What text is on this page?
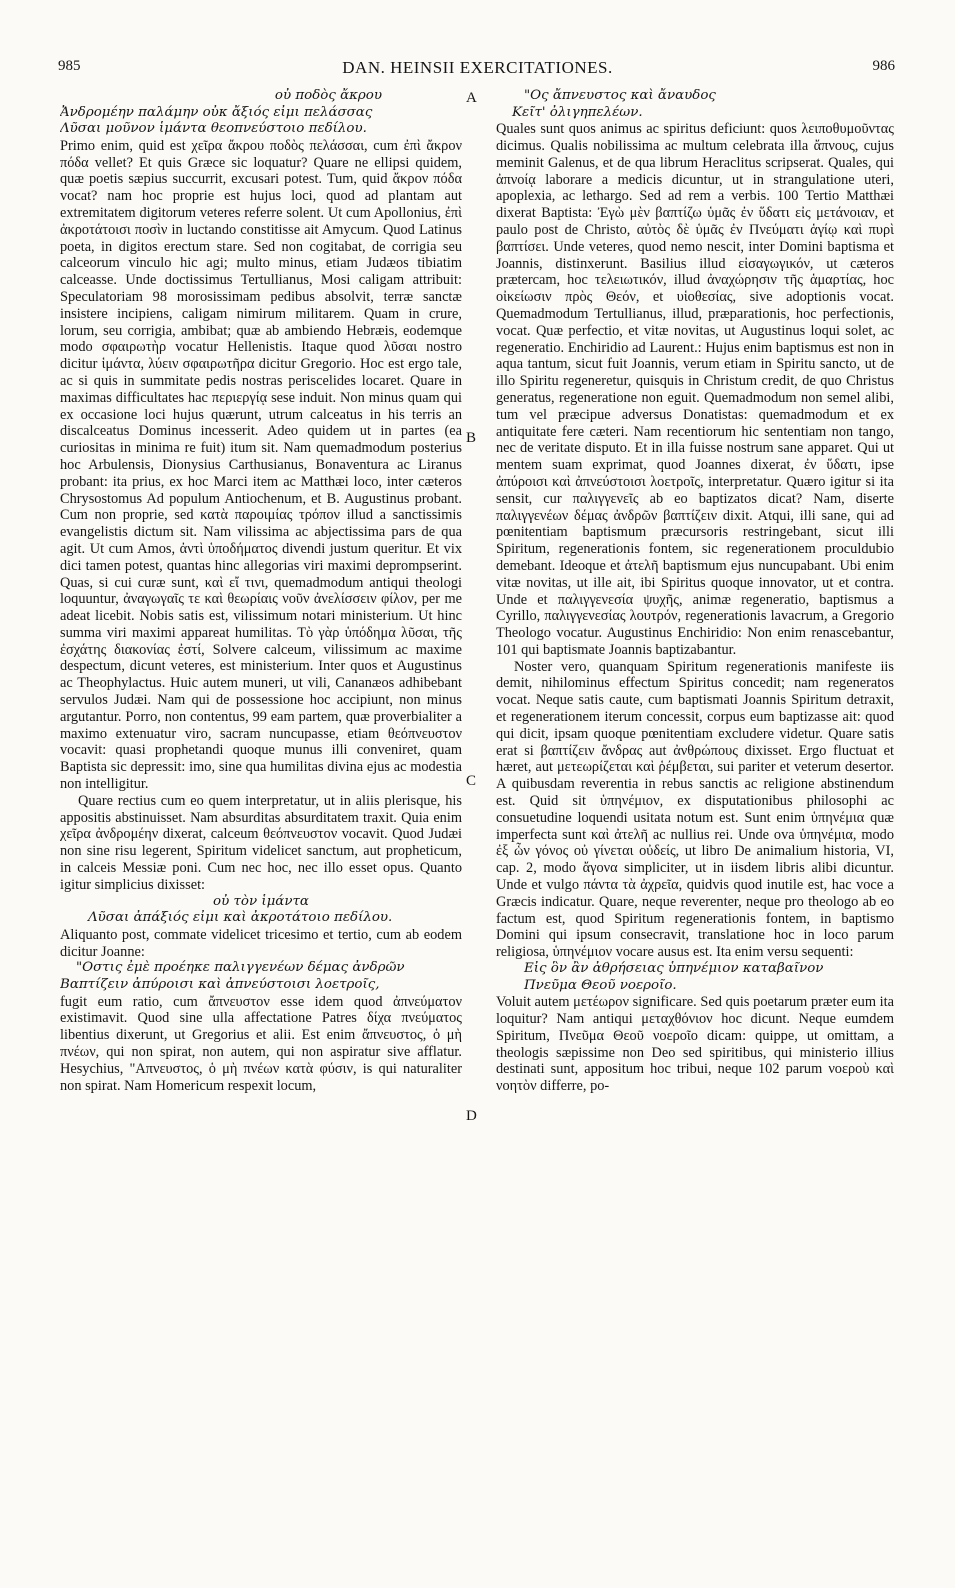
985	DAN. HEINSII EXERCITATIONES.	986
A
B
C
D

οὐ ποδὸς ἄκρου

Ἀνδρομέην παλάμην οὐκ ἄξιός εἰμι πελάσσας

Λῦσαι μοῦνον ἱμάντα θεοπνεύστοιο πεδίλου.

Primo enim, quid est χεῖρα ἄκρου ποδὸς πελάσσαι, cum ἐπὶ ἄκρον πόδα vellet? Et quis Græce sic loquatur? Quare ne ellipsi quidem, quæ poetis sæpius succurrit, excusari potest. Tum, quid ἄκρον πόδα vocat? nam hoc proprie est hujus loci, quod ad plantam aut extremitatem digitorum veteres referre solent. Ut cum Apollonius, ἐπὶ ἀκροτάτοισι ποσὶν in luctando constitisse ait Amycum. Quod Latinus poeta, in digitos erectum stare. Sed non cogitabat, de corrigia seu calceorum vinculo hic agi; multo minus, etiam Judæos tibiatim calceasse. Unde doctissimus Tertullianus, Mosi caligam attribuit: Speculatoriam 98 morosissimam pedibus absolvit, terræ sanctæ insistere incipiens, caligam nimirum militarem. Quam in crure, lorum, seu corrigia, ambibat; quæ ab ambiendo Hebræis, eodemque modo σφαιρωτὴρ vocatur Hellenistis. Itaque quod λῦσαι nostro dicitur ἱμάντα, λύειν σφαιρωτῆρα dicitur Gregorio. Hoc est ergo tale, ac si quis in summitate pedis nostras periscelides locaret. Quare in maximas difficultates hac περιεργίᾳ sese induit. Non minus quam qui ex occasione loci hujus quærunt, utrum calceatus in his terris an discalceatus Dominus incesserit. Adeo quidem ut in partes (ea curiositas in minima re fuit) itum sit. Nam quemadmodum posterius hoc Arbulensis, Dionysius Carthusianus, Bonaventura ac Liranus probant: ita prius, ex hoc Marci item ac Matthæi loco, inter cæteros Chrysostomus Ad populum Antiochenum, et B. Augustinus probant. Cum non proprie, sed κατὰ παροιμίας τρόπον illud a sanctissimis evangelistis dictum sit. Nam vilissima ac abjectissima pars de qua agit. Ut cum Amos, ἀντὶ ὑποδήματος divendi justum queritur. Et vix dici tamen potest, quantas hinc allegorias viri maximi deprompserint. Quas, si cui curæ sunt, καὶ εἴ τινι, quemadmodum antiqui theologi loquuntur, ἀναγωγαῖς τε καὶ θεωρίαις νοῦν ἀνελίσσειν φίλον, per me adeat licebit. Nobis satis est, vilissimum notari ministerium. Ut hinc summa viri maximi appareat humilitas. Τὸ γὰρ ὑπόδημα λῦσαι, τῆς ἐσχάτης διακονίας ἐστί, Solvere calceum, vilissimum ac maxime despectum, dicunt veteres, est ministerium. Inter quos et Augustinus ac Theophylactus. Huic autem muneri, ut vili, Cananæos adhibebant servulos Judæi. Nam qui de possessione hoc accipiunt, non minus argutantur. Porro, non contentus, 99 eam partem, quæ proverbialiter a maximo extenuatur viro, sacram nuncupasse, etiam θεόπνευστον vocavit: quasi prophetandi quoque munus illi conveniret, quam Baptista sic depressit: imo, sine qua humilitas divina ejus ac modestia non intelligitur.

Quare rectius cum eo quem interpretatur, ut in aliis plerisque, his appositis abstinuisset. Nam absurditas absurditatem traxit. Quia enim χεῖρα ἀνδρομέην dixerat, calceum θεόπνευστον vocavit. Quod Judæi non sine risu legerent, Spiritum videlicet sanctum, aut propheticum, in calceis Messiæ poni. Cum nec hoc, nec illo esset opus. Quanto igitur simplicius dixisset:

οὐ τὸν ἱμάντα

Λῦσαι ἀπάξιός εἰμι καὶ ἀκροτάτοιο πεδίλου.

Aliquanto post, commate videlicet tricesimo et tertio, cum ab eodem dicitur Joanne:

"Οστις ἐμὲ προέηκε παλιγγενέων δέμας ἀνδρῶν

Βαπτίζειν ἀπύροισι καὶ ἀπνεύστοισι λοετροῖς,

fugit eum ratio, cum ἄπνευστον esse idem quod ἀπνεύματον existimavit. Quod sine ulla affectatione Patres δίχα πνεύματος libentius dixerunt, ut Gregorius et alii. Est enim ἄπνευστος, ὁ μὴ πνέων, qui non spirat, non autem, qui non aspiratur sive afflatur. Hesychius, "Απνευστος, ὁ μὴ πνέων κατὰ φύσιν, is qui naturaliter non spirat. Nam Homericum respexit locum,

"Ος ἄπνευστος καὶ ἄναυδος

Κεῖτ' ὀλιγηπελέων.

Quales sunt quos animus ac spiritus deficiunt: quos λειποθυμοῦντας dicimus. Qualis nobilissima ac multum celebrata illa ἄπνους, cujus meminit Galenus, et de qua librum Heraclitus scripserat. Quales, qui ἀπνοίᾳ laborare a medicis dicuntur, ut in strangulatione uteri, apoplexia, ac lethargo. Sed ad rem a verbis. 100 Tertio Matthæi dixerat Baptista: Ἐγὼ μὲν βαπτίζω ὑμᾶς ἐν ὕδατι εἰς μετάνοιαν, et paulo post de Christo, αὐτὸς δὲ ὑμᾶς ἐν Πνεύματι ἁγίῳ καὶ πυρὶ βαπτίσει. Unde veteres, quod nemo nescit, inter Domini baptisma et Joannis, distinxerunt. Basilius illud εἰσαγωγικόν, ut cæteros prætercam, hoc τελειωτικόν, illud ἀναχώρησιν τῆς ἁμαρτίας, hoc οἰκείωσιν πρὸς Θεόν, et υἱοθεσίας, sive adoptionis vocat. Quemadmodum Tertullianus, illud, præparationis, hoc perfectionis, vocat. Quæ perfectio, et vitæ novitas, ut Augustinus loqui solet, ac regeneratio. Enchiridio ad Laurent.: Hujus enim baptismus est non in aqua tantum, sicut fuit Joannis, verum etiam in Spiritu sancto, ut de illo Spiritu regeneretur, quisquis in Christum credit, de quo Christus generatus, regeneratione non eguit. Quemadmodum non semel alibi, tum vel præcipue adversus Donatistas: quemadmodum et ex antiquitate fere cæteri. Nam recentiorum hic sententiam non tango, nec de veritate disputo. Et in illa fuisse nostrum sane apparet. Qui ut mentem suam exprimat, quod Joannes dixerat, ἐν ὕδατι, ipse ἀπύροισι καὶ ἀπνεύστοισι λοετροῖς, interpretatur. Quæro igitur si ita sensit, cur παλιγγενεῖς ab eo baptizatos dicat? Nam, diserte παλιγγενέων δέμας ἀνδρῶν βαπτίζειν dixit. Atqui, illi sane, qui ad pœnitentiam baptismum præcursoris restringebant, sicut illi Spiritum, regenerationis fontem, sic regenerationem proculdubio demebant. Ideoque et ἀτελῆ baptismum ejus nuncupabant. Ubi enim vitæ novitas, ut ille ait, ibi Spiritus quoque innovator, ut et contra. Unde et παλιγγενεσία ψυχῆς, animæ regeneratio, baptismus a Cyrillo, παλιγγενεσίας λουτρόν, regenerationis lavacrum, a Gregorio Theologo vocatur. Augustinus Enchiridio: Non enim renascebantur, 101 qui baptismate Joannis baptizabantur.

Noster vero, quanquam Spiritum regenerationis manifeste iis demit, nihilominus effectum Spiritus concedit; nam regeneratos vocat. Neque satis caute, cum baptismati Joannis Spiritum detraxit, et regenerationem iterum concessit, corpus eum baptizasse ait: quod qui dicit, ipsam quoque pœnitentiam excludere videtur. Quare satis erat si βαπτίζειν ἄνδρας aut ἀνθρώπους dixisset. Ergo fluctuat et hæret, aut μετεωρίζεται καὶ ῥέμβεται, sui pariter et veterum desertor. A quibusdam reverentia in rebus sanctis ac religione abstinendum est. Quid sit ὑπηνέμιον, ex disputationibus philosophi ac consuetudine loquendi usitata notum est. Sunt enim ὑπηνέμια quæ imperfecta sunt καὶ ἀτελῆ ac nullius rei. Unde ova ὑπηνέμια, modo ἐξ ὧν γόνος οὐ γίνεται οὐδείς, ut libro De animalium historia, VI, cap. 2, modo ἄγονα simpliciter, ut in iisdem libris alibi dicuntur. Unde et vulgo πάντα τὰ ἀχρεῖα, quidvis quod inutile est, hac voce a Græcis indicatur. Quare, neque reverenter, neque pro theologo ab eo factum est, quod Spiritum regenerationis fontem, in baptismo Domini qui ipsum consecravit, translatione hoc in loco parum religiosa, ὑπηνέμιον vocare ausus est. Ita enim versu sequenti:

Εἰς ὃν ἂν ἀθρήσειας ὑπηνέμιον καταβαῖνον

Πνεῦμα Θεοῦ νοεροῖο.

Voluit autem μετέωρον significare. Sed quis poetarum præter eum ita loquitur? Nam antiqui μεταχθόνιον hoc dicunt. Neque eumdem Spiritum, Πνεῦμα Θεοῦ νοεροῖο dicam: quippe, ut omittam, a theologis sæpissime non Deo sed spiritibus, qui ministerio illius destinati sunt, appositum hoc tribui, neque 102 parum νοεροὺ καὶ νοητὸν differre, po-
